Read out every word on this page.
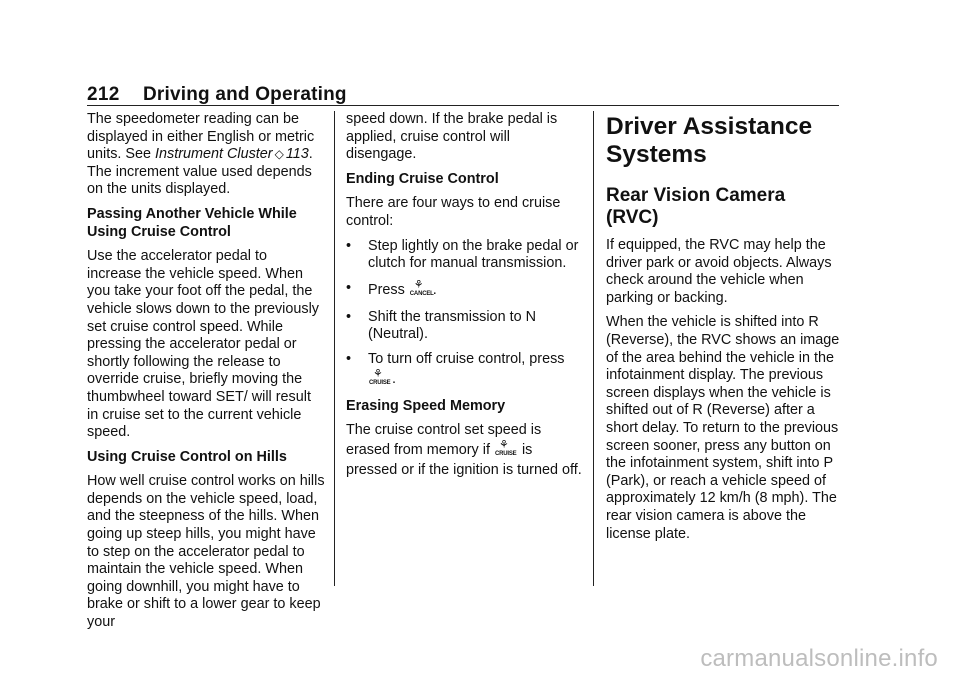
212 Driving and Operating

The speedometer reading can be displayed in either English or metric units. See Instrument Cluster ◇ 113. The increment value used depends on the units displayed.

Passing Another Vehicle While Using Cruise Control

Use the accelerator pedal to increase the vehicle speed. When you take your foot off the pedal, the vehicle slows down to the previously set cruise control speed. While pressing the accelerator pedal or shortly following the release to override cruise, briefly moving the thumbwheel toward SET/ will result in cruise set to the current vehicle speed.

Using Cruise Control on Hills

How well cruise control works on hills depends on the vehicle speed, load, and the steepness of the hills. When going up steep hills, you might have to step on the accelerator pedal to maintain the vehicle speed. When going downhill, you might have to brake or shift to a lower gear to keep your

speed down. If the brake pedal is applied, cruise control will disengage.

Ending Cruise Control

There are four ways to end cruise control:

• Step lightly on the brake pedal or clutch for manual transmission.
• Press ⚘
CANCEL .
• Shift the transmission to N (Neutral).
• To turn off cruise control, press
⚘
CRUISE .

Erasing Speed Memory

The cruise control set speed is erased from memory if ⚘
CRUISE is pressed or if the ignition is turned off.

Driver Assistance Systems
Rear Vision Camera (RVC)

If equipped, the RVC may help the driver park or avoid objects. Always check around the vehicle when parking or backing.

When the vehicle is shifted into R (Reverse), the RVC shows an image of the area behind the vehicle in the infotainment display. The previous screen displays when the vehicle is shifted out of R (Reverse) after a short delay. To return to the previous screen sooner, press any button on the infotainment system, shift into P (Park), or reach a vehicle speed of approximately 12 km/h (8 mph). The rear vision camera is above the license plate.

carmanualsonline.info
